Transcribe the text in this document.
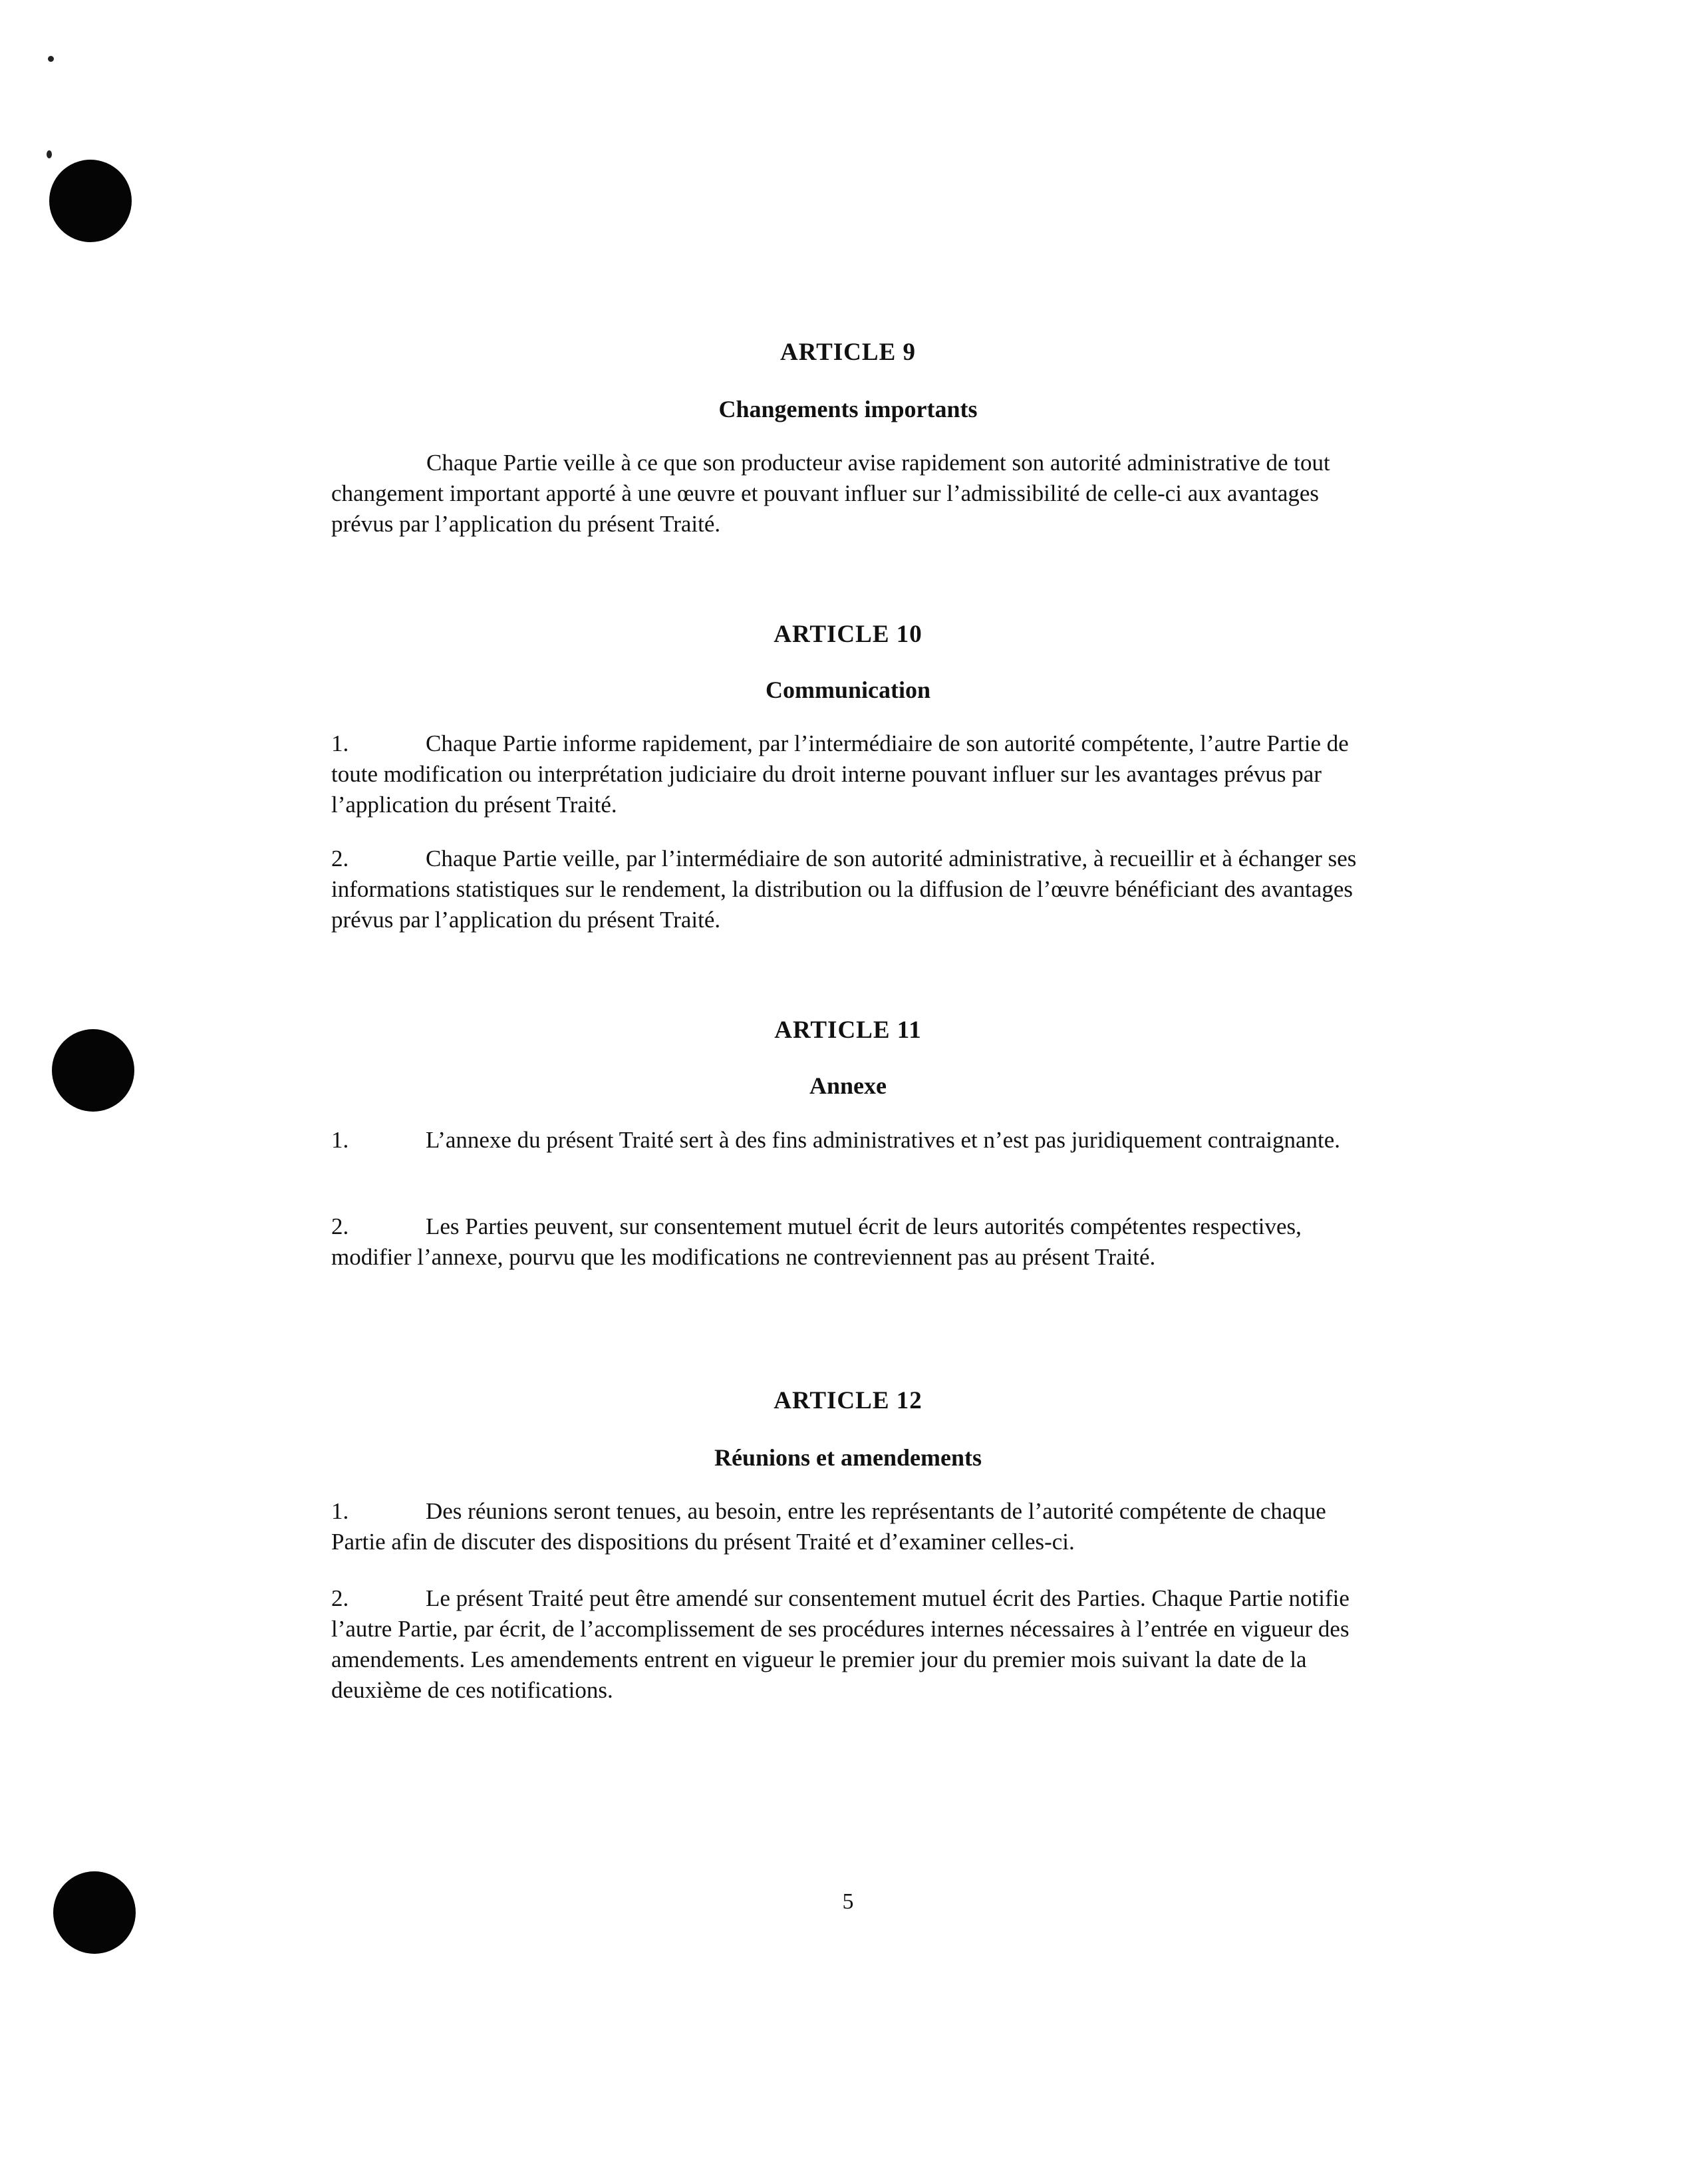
ARTICLE 9
Changements importants
Chaque Partie veille à ce que son producteur avise rapidement son autorité administrative de tout changement important apporté à une œuvre et pouvant influer sur l’admissibilité de celle-ci aux avantages prévus par l’application du présent Traité.
ARTICLE 10
Communication
1.	Chaque Partie informe rapidement, par l’intermédiaire de son autorité compétente, l’autre Partie de toute modification ou interprétation judiciaire du droit interne pouvant influer sur les avantages prévus par l’application du présent Traité.
2.	Chaque Partie veille, par l’intermédiaire de son autorité administrative, à recueillir et à échanger ses informations statistiques sur le rendement, la distribution ou la diffusion de l’œuvre bénéficiant des avantages prévus par l’application du présent Traité.
ARTICLE 11
Annexe
1.	L’annexe du présent Traité sert à des fins administratives et n’est pas juridiquement contraignante.
2.	Les Parties peuvent, sur consentement mutuel écrit de leurs autorités compétentes respectives, modifier l’annexe, pourvu que les modifications ne contreviennent pas au présent Traité.
ARTICLE 12
Réunions et amendements
1.	Des réunions seront tenues, au besoin, entre les représentants de l’autorité compétente de chaque Partie afin de discuter des dispositions du présent Traité et d’examiner celles-ci.
2.	Le présent Traité peut être amendé sur consentement mutuel écrit des Parties. Chaque Partie notifie l’autre Partie, par écrit, de l’accomplissement de ses procédures internes nécessaires à l’entrée en vigueur des amendements. Les amendements entrent en vigueur le premier jour du premier mois suivant la date de la deuxième de ces notifications.
5
